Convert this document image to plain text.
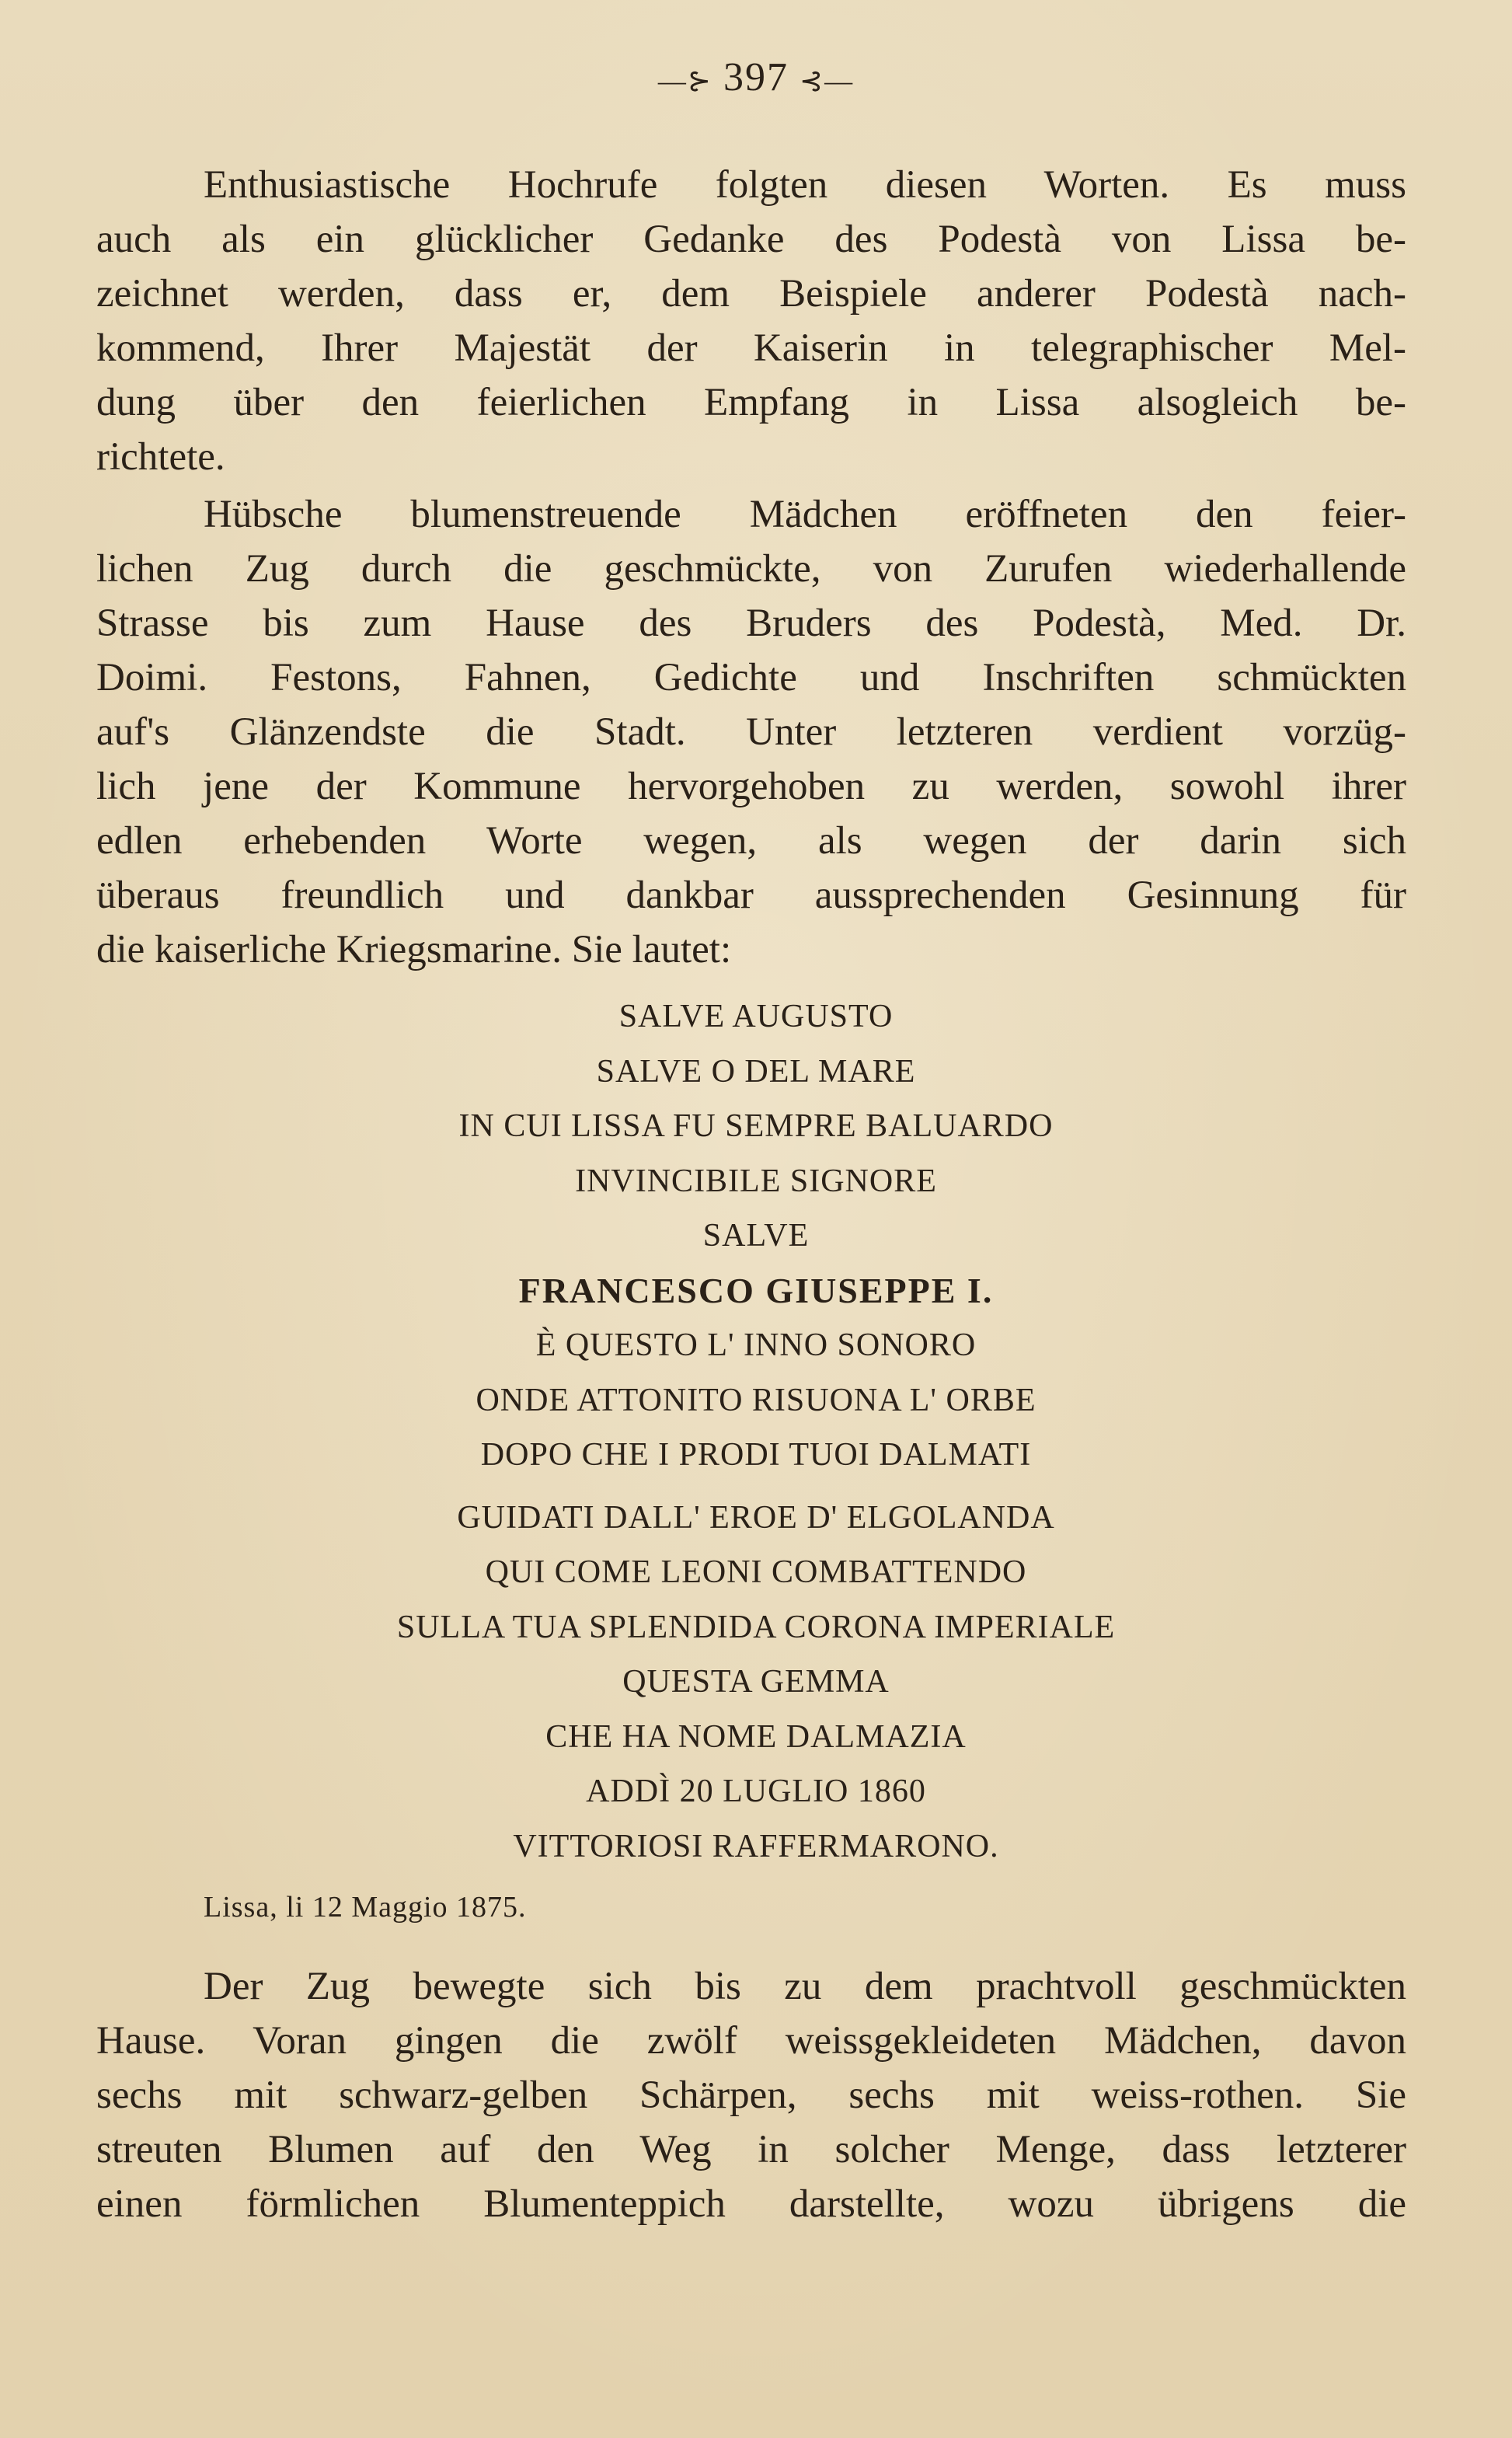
—⊱ 397 ⊰—
Enthusiastische Hochrufe folgten diesen Worten. Es muss
auch als ein glücklicher Gedanke des Podestà von Lissa be-
zeichnet werden, dass er, dem Beispiele anderer Podestà nach-
kommend, Ihrer Majestät der Kaiserin in telegraphischer Mel-
dung über den feierlichen Empfang in Lissa alsogleich be-
richtete.
Hübsche blumenstreuende Mädchen eröffneten den feier-
lichen Zug durch die geschmückte, von Zurufen wiederhallende
Strasse bis zum Hause des Bruders des Podestà, Med. Dr.
Doimi. Festons, Fahnen, Gedichte und Inschriften schmückten
auf's Glänzendste die Stadt. Unter letzteren verdient vorzüg-
lich jene der Kommune hervorgehoben zu werden, sowohl ihrer
edlen erhebenden Worte wegen, als wegen der darin sich
überaus freundlich und dankbar aussprechenden Gesinnung für
die kaiserliche Kriegsmarine. Sie lautet:
SALVE AUGUSTO
SALVE O DEL MARE
IN CUI LISSA FU SEMPRE BALUARDO
INVINCIBILE SIGNORE
SALVE
FRANCESCO GIUSEPPE I.
È QUESTO L' INNO SONORO
ONDE ATTONITO RISUONA L' ORBE
DOPO CHE I PRODI TUOI DALMATI
GUIDATI DALL' EROE D' ELGOLANDA
QUI COME LEONI COMBATTENDO
SULLA TUA SPLENDIDA CORONA IMPERIALE
QUESTA GEMMA
CHE HA NOME DALMAZIA
ADDÌ 20 LUGLIO 1860
VITTORIOSI RAFFERMARONO.
Lissa, li 12 Maggio 1875.
Der Zug bewegte sich bis zu dem prachtvoll geschmückten
Hause. Voran gingen die zwölf weissgekleideten Mädchen, davon
sechs mit schwarz-gelben Schärpen, sechs mit weiss-rothen. Sie
streuten Blumen auf den Weg in solcher Menge, dass letzterer
einen förmlichen Blumenteppich darstellte, wozu übrigens die
